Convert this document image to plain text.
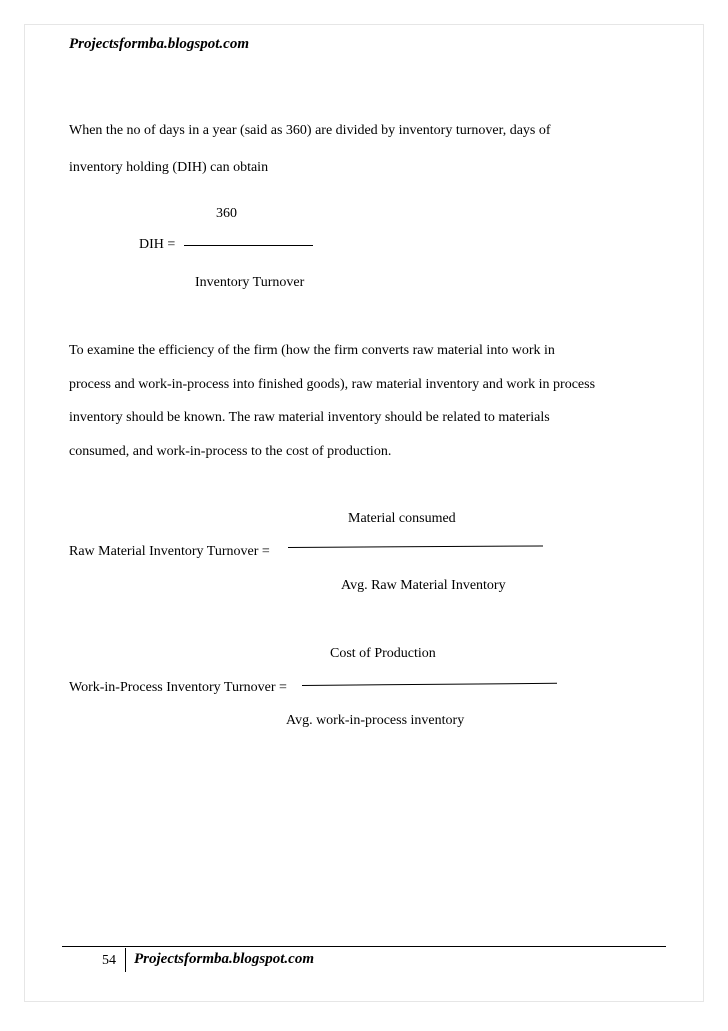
Projectsformba.blogspot.com
When the no of days in a year (said as 360) are divided by inventory turnover, days of
inventory holding (DIH) can obtain
360
DIH =
Inventory Turnover
To examine the efficiency of the firm (how the firm converts raw material into work in
process and work-in-process into finished goods), raw material inventory and work in process
inventory should be known. The raw material inventory should be related to materials
consumed, and work-in-process to the cost of production.
Material consumed
Raw Material Inventory Turnover =
Avg. Raw Material Inventory
Cost of Production
Work-in-Process Inventory Turnover =
Avg. work-in-process inventory
54 Projectsformba.blogspot.com
